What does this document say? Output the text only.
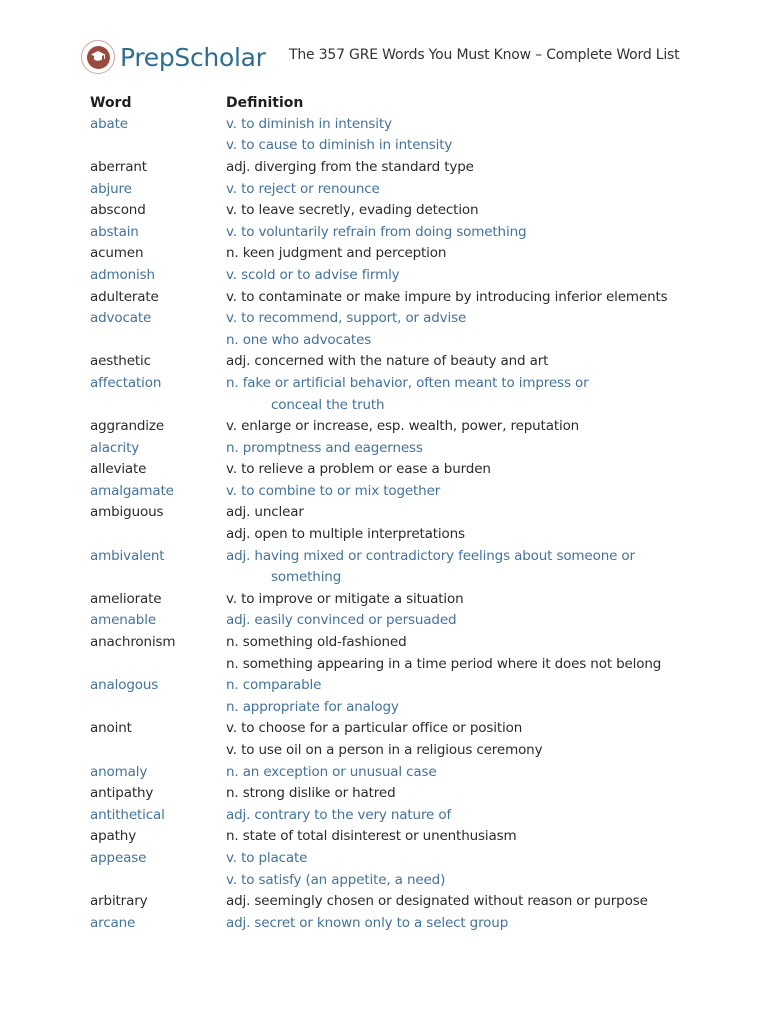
PrepScholar The 357 GRE Words You Must Know – Complete Word List
Word	Definition
abate	v. to diminish in intensity
v. to cause to diminish in intensity
aberrant	adj. diverging from the standard type
abjure	v. to reject or renounce
abscond	v. to leave secretly, evading detection
abstain	v. to voluntarily refrain from doing something
acumen	n. keen judgment and perception
admonish	v. scold or to advise firmly
adulterate	v. to contaminate or make impure by introducing inferior elements
advocate	v. to recommend, support, or advise
n. one who advocates
aesthetic	adj. concerned with the nature of beauty and art
affectation	n. fake or artificial behavior, often meant to impress or
conceal the truth
aggrandize	v. enlarge or increase, esp. wealth, power, reputation
alacrity	n. promptness and eagerness
alleviate	v. to relieve a problem or ease a burden
amalgamate	v. to combine to or mix together
ambiguous	adj. unclear
adj. open to multiple interpretations
ambivalent	adj. having mixed or contradictory feelings about someone or
something
ameliorate	v. to improve or mitigate a situation
amenable	adj. easily convinced or persuaded
anachronism	n. something old-fashioned
n. something appearing in a time period where it does not belong
analogous	n. comparable
n. appropriate for analogy
anoint	v. to choose for a particular office or position
v. to use oil on a person in a religious ceremony
anomaly	n. an exception or unusual case
antipathy	n. strong dislike or hatred
antithetical	adj. contrary to the very nature of
apathy	n. state of total disinterest or unenthusiasm
appease	v. to placate
v. to satisfy (an appetite, a need)
arbitrary	adj. seemingly chosen or designated without reason or purpose
arcane	adj. secret or known only to a select group
